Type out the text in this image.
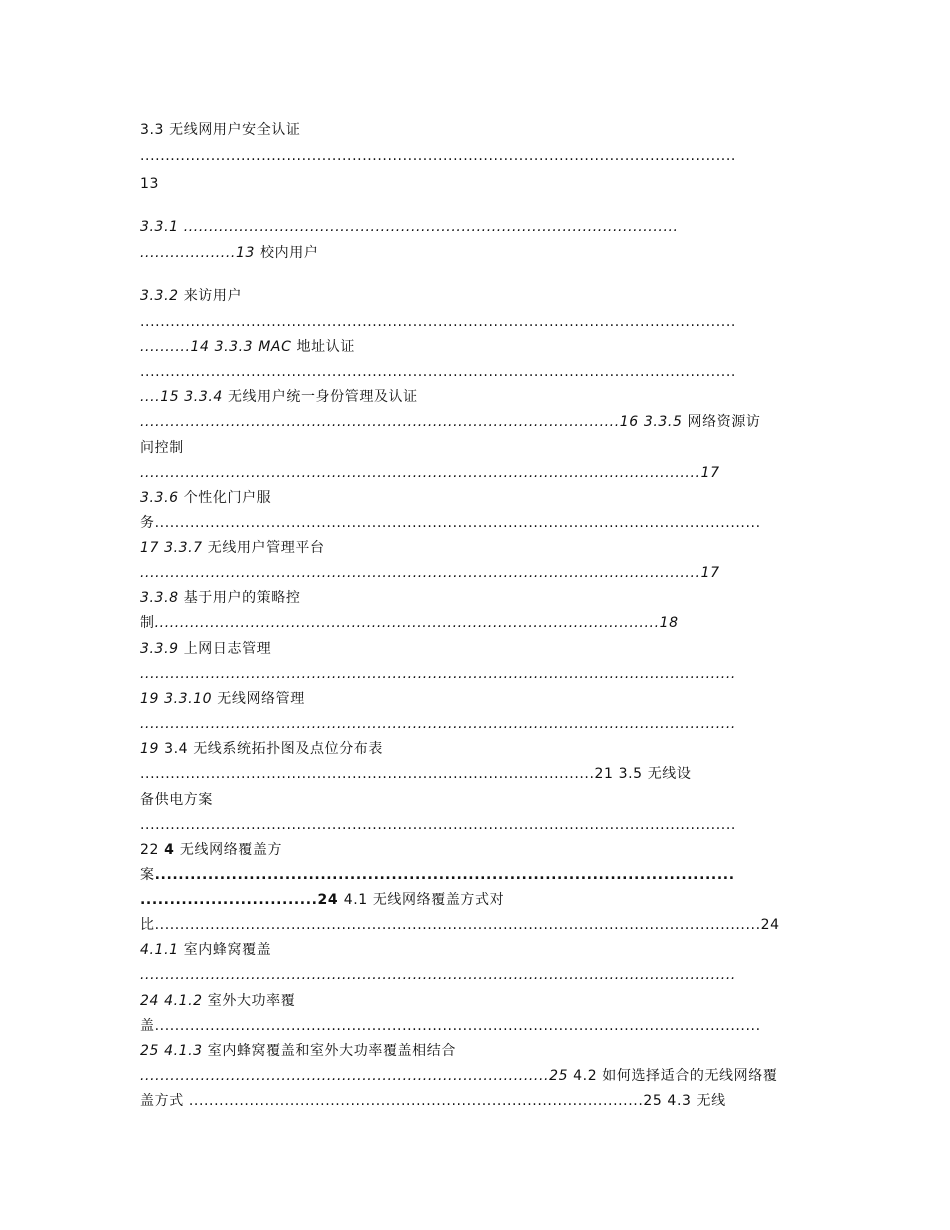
3.3 无线网用户安全认证
......................................................................................................................
13
3.3.1 ..................................................................................................
...................13 校内用户
3.3.2 来访用户
......................................................................................................................
..........14 3.3.3 MAC 地址认证
......................................................................................................................
....15 3.3.4 无线用户统一身份管理及认证
...............................................................................................16 3.3.5 网络资源访
问控制
...............................................................................................................17
3.3.6 个性化门户服
务........................................................................................................................
17 3.3.7 无线用户管理平台
...............................................................................................................17
3.3.8 基于用户的策略控
制....................................................................................................18
3.3.9 上网日志管理
......................................................................................................................
19 3.3.10 无线网络管理
......................................................................................................................
19 3.4 无线系统拓扑图及点位分布表
..........................................................................................21 3.5 无线设
备供电方案
......................................................................................................................
22 4 无线网络覆盖方
案..................................................................................................
..............................24 4.1 无线网络覆盖方式对
比........................................................................................................................24
4.1.1 室内蜂窝覆盖
......................................................................................................................
24 4.1.2 室外大功率覆
盖........................................................................................................................
25 4.1.3 室内蜂窝覆盖和室外大功率覆盖相结合
.................................................................................25 4.2 如何选择适合的无线网络覆
盖方式 ..........................................................................................25 4.3 无线
